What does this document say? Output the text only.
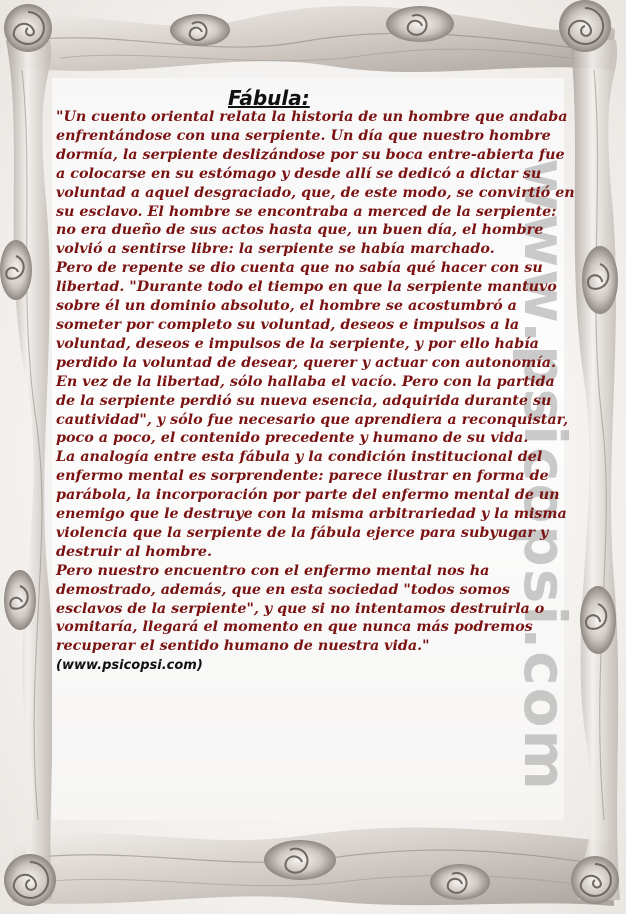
www.psicopsi.com
Fábula:

"Un cuento oriental relata la historia de un hombre que andaba enfrentándose con una serpiente. Un día que nuestro hombre dormía, la serpiente deslizándose por su boca entre-abierta fue a colocarse en su estómago y desde allí se dedicó a dictar su voluntad a aquel desgraciado, que, de este modo, se convirtió en su esclavo. El hombre se encontraba a merced de la serpiente: no era dueño de sus actos hasta que, un buen día, el hombre volvió a sentirse libre: la serpiente se había marchado.

Pero de repente se dio cuenta que no sabía qué hacer con su libertad. "Durante todo el tiempo en que la serpiente mantuvo sobre él un dominio absoluto, el hombre se acostumbró a someter por completo su voluntad, deseos e impulsos a la voluntad, deseos e impulsos de la serpiente, y por ello había perdido la voluntad de desear, querer y actuar con autonomía.

En vez de la libertad, sólo hallaba el vacío. Pero con la partida de la serpiente perdió su nueva esencia, adquirida durante su cautividad", y sólo fue necesario que aprendiera a reconquistar, poco a poco, el contenido precedente y humano de su vida.

La analogía entre esta fábula y la condición institucional del enfermo mental es sorprendente: parece ilustrar en forma de parábola, la incorporación por parte del enfermo mental de un enemigo que le destruye con la misma arbitrariedad y la misma violencia que la serpiente de la fábula ejerce para subyugar y destruir al hombre.

Pero nuestro encuentro con el enfermo mental nos ha demostrado, además, que en esta sociedad "todos somos esclavos de la serpiente", y que si no intentamos destruirla o vomitaría, llegará el momento en que nunca más podremos recuperar el sentido humano de nuestra vida."

(www.psicopsi.com)
